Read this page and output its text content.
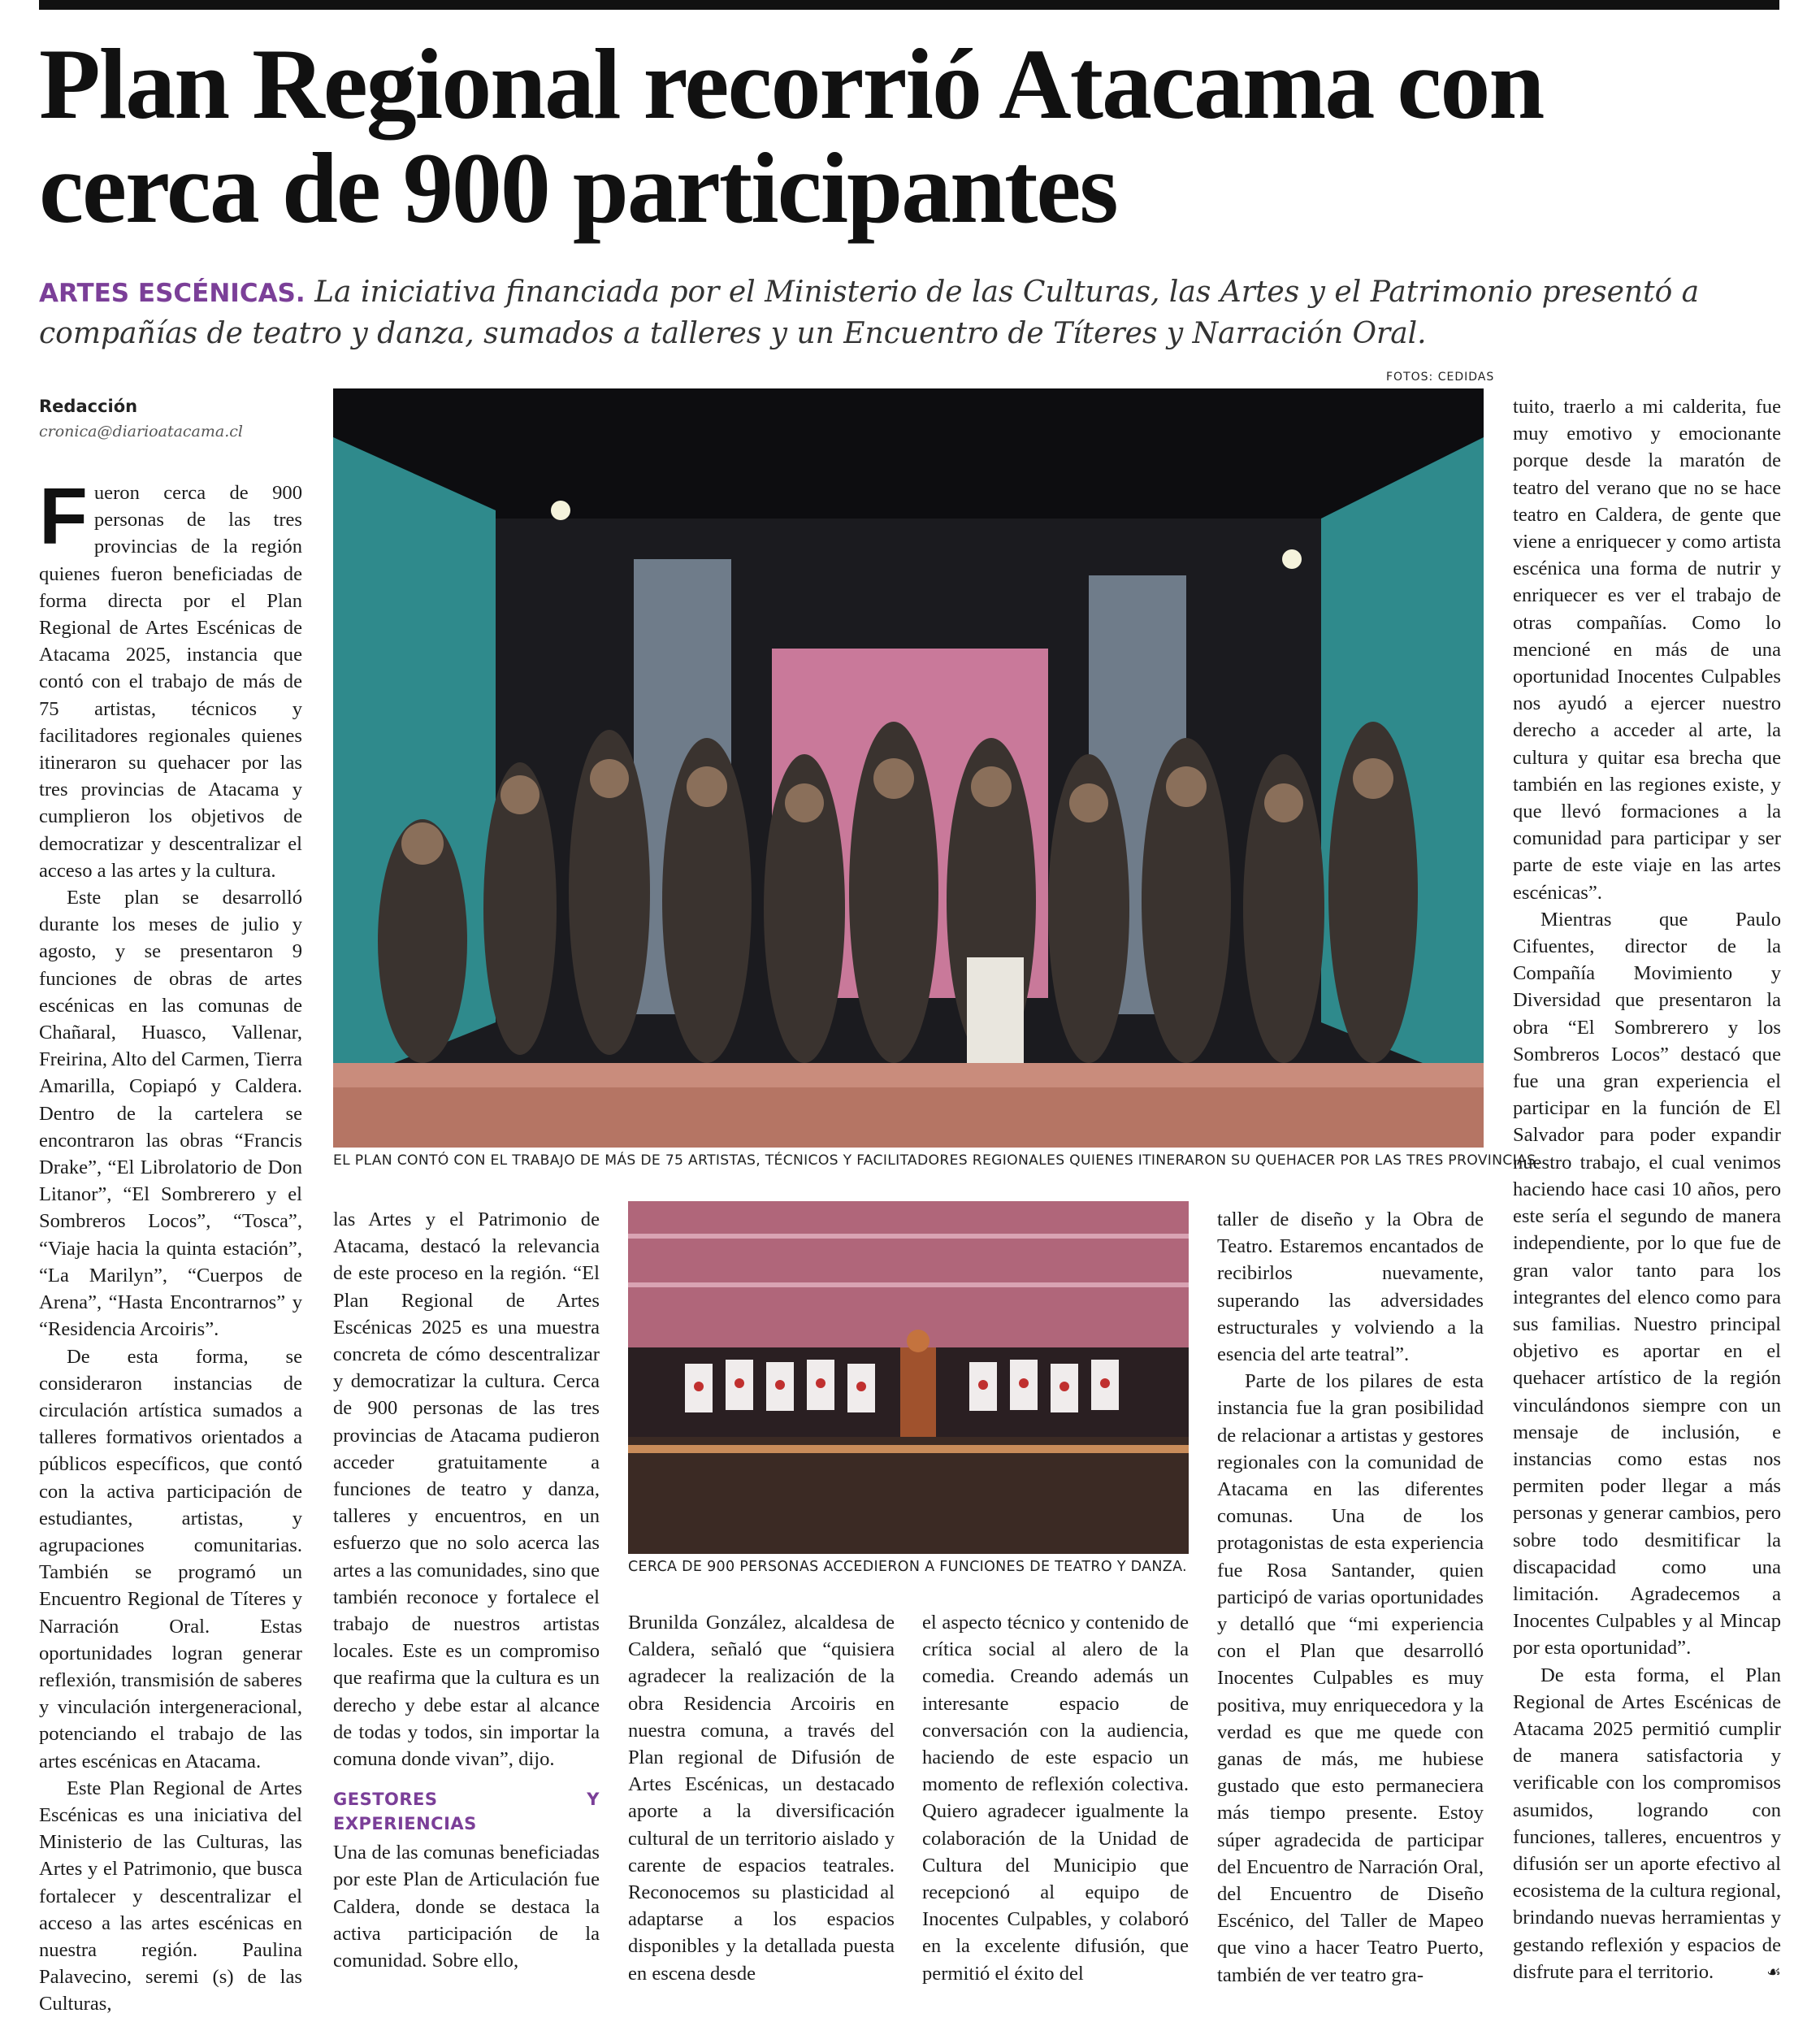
Plan Regional recorrió Atacama con
cerca de 900 participantes

ARTES ESCÉNICAS. La iniciativa financiada por el Ministerio de las Culturas, las Artes y el Patrimonio presentó a compañías de teatro y danza, sumados a talleres y un Encuentro de Títeres y Narración Oral.

FOTOS: CEDIDAS
Redacción
cronica@diarioatacama.cl
EL PLAN CONTÓ CON EL TRABAJO DE MÁS DE 75 ARTISTAS, TÉCNICOS Y FACILITADORES REGIONALES QUIENES ITINERARON SU QUEHACER POR LAS TRES PROVINCIAS.
CERCA DE 900 PERSONAS ACCEDIERON A FUNCIONES DE TEATRO Y DANZA.

Fueron cerca de 900 personas de las tres provincias de la región quienes fueron beneficiadas de forma directa por el Plan Regional de Artes Escénicas de Atacama 2025, instancia que contó con el trabajo de más de 75 artistas, técnicos y facilitadores regionales quienes itineraron su quehacer por las tres provincias de Atacama y cumplieron los objetivos de democratizar y descentralizar el acceso a las artes y la cultura.

Este plan se desarrolló durante los meses de julio y agosto, y se presentaron 9 funciones de obras de artes escénicas en las comunas de Chañaral, Huasco, Vallenar, Freirina, Alto del Carmen, Tierra Amarilla, Copiapó y Caldera. Dentro de la cartelera se encontraron las obras “Francis Drake”, “El Librolatorio de Don Litanor”, “El Sombrerero y el Sombreros Locos”, “Tosca”, “Viaje hacia la quinta estación”, “La Marilyn”, “Cuerpos de Arena”, “Hasta Encontrarnos” y “Residencia Arcoiris”.

De esta forma, se consideraron instancias de circulación artística sumados a talleres formativos orientados a públicos específicos, que contó con la activa participación de estudiantes, artistas, y agrupaciones comunitarias. También se programó un Encuentro Regional de Títeres y Narración Oral. Estas oportunidades logran generar reflexión, transmisión de saberes y vinculación intergeneracional, potenciando el trabajo de las artes escénicas en Atacama.

Este Plan Regional de Artes Escénicas es una iniciativa del Ministerio de las Culturas, las Artes y el Patrimonio, que busca fortalecer y descentralizar el acceso a las artes escénicas en nuestra región. Paulina Palavecino, seremi (s) de las Culturas,

las Artes y el Patrimonio de Atacama, destacó la relevancia de este proceso en la región. “El Plan Regional de Artes Escénicas 2025 es una muestra concreta de cómo descentralizar y democratizar la cultura. Cerca de 900 personas de las tres provincias de Atacama pudieron acceder gratuitamente a funciones de teatro y danza, talleres y encuentros, en un esfuerzo que no solo acerca las artes a las comunidades, sino que también reconoce y fortalece el trabajo de nuestros artistas locales. Este es un compromiso que reafirma que la cultura es un derecho y debe estar al alcance de todas y todos, sin importar la comuna donde vivan”, dijo.

GESTORES Y EXPERIENCIAS

Una de las comunas beneficiadas por este Plan de Articulación fue Caldera, donde se destaca la activa participación de la comunidad. Sobre ello,

Brunilda González, alcaldesa de Caldera, señaló que “quisiera agradecer la realización de la obra Residencia Arcoiris en nuestra comuna, a través del Plan regional de Difusión de Artes Escénicas, un destacado aporte a la diversificación cultural de un territorio aislado y carente de espacios teatrales. Reconocemos su plasticidad al adaptarse a los espacios disponibles y la detallada puesta en escena desde

el aspecto técnico y contenido de crítica social al alero de la comedia. Creando además un interesante espacio de conversación con la audiencia, haciendo de este espacio un momento de reflexión colectiva. Quiero agradecer igualmente la colaboración de la Unidad de Cultura del Municipio que recepcionó al equipo de Inocentes Culpables, y colaboró en la excelente difusión, que permitió el éxito del

taller de diseño y la Obra de Teatro. Estaremos encantados de recibirlos nuevamente, superando las adversidades estructurales y volviendo a la esencia del arte teatral”.

Parte de los pilares de esta instancia fue la gran posibilidad de relacionar a artistas y gestores regionales con la comunidad de Atacama en las diferentes comunas. Una de los protagonistas de esta experiencia fue Rosa Santander, quien participó de varias oportunidades y detalló que “mi experiencia con el Plan que desarrolló Inocentes Culpables es muy positiva, muy enriquecedora y la verdad es que me quede con ganas de más, me hubiese gustado que esto permaneciera más tiempo presente. Estoy súper agradecida de participar del Encuentro de Narración Oral, del Encuentro de Diseño Escénico, del Taller de Mapeo que vino a hacer Teatro Puerto, también de ver teatro gra-

tuito, traerlo a mi calderita, fue muy emotivo y emocionante porque desde la maratón de teatro del verano que no se hace teatro en Caldera, de gente que viene a enriquecer y como artista escénica una forma de nutrir y enriquecer es ver el trabajo de otras compañías. Como lo mencioné en más de una oportunidad Inocentes Culpables nos ayudó a ejercer nuestro derecho a acceder al arte, la cultura y quitar esa brecha que también en las regiones existe, y que llevó formaciones a la comunidad para participar y ser parte de este viaje en las artes escénicas”.

Mientras que Paulo Cifuentes, director de la Compañía Movimiento y Diversidad que presentaron la obra “El Sombrerero y los Sombreros Locos” destacó que fue una gran experiencia el participar en la función de El Salvador para poder expandir nuestro trabajo, el cual venimos haciendo hace casi 10 años, pero este sería el segundo de manera independiente, por lo que fue de gran valor tanto para los integrantes del elenco como para sus familias. Nuestro principal objetivo es aportar en el quehacer artístico de la región vinculándonos siempre con un mensaje de inclusión, e instancias como estas nos permiten poder llegar a más personas y generar cambios, pero sobre todo desmitificar la discapacidad como una limitación. Agradecemos a Inocentes Culpables y al Mincap por esta oportunidad”.

De esta forma, el Plan Regional de Artes Escénicas de Atacama 2025 permitió cumplir de manera satisfactoria y verificable con los compromisos asumidos, logrando con funciones, talleres, encuentros y difusión ser un aporte efectivo al ecosistema de la cultura regional, brindando nuevas herramientas y gestando reflexión y espacios de disfrute para el territorio.	☙
